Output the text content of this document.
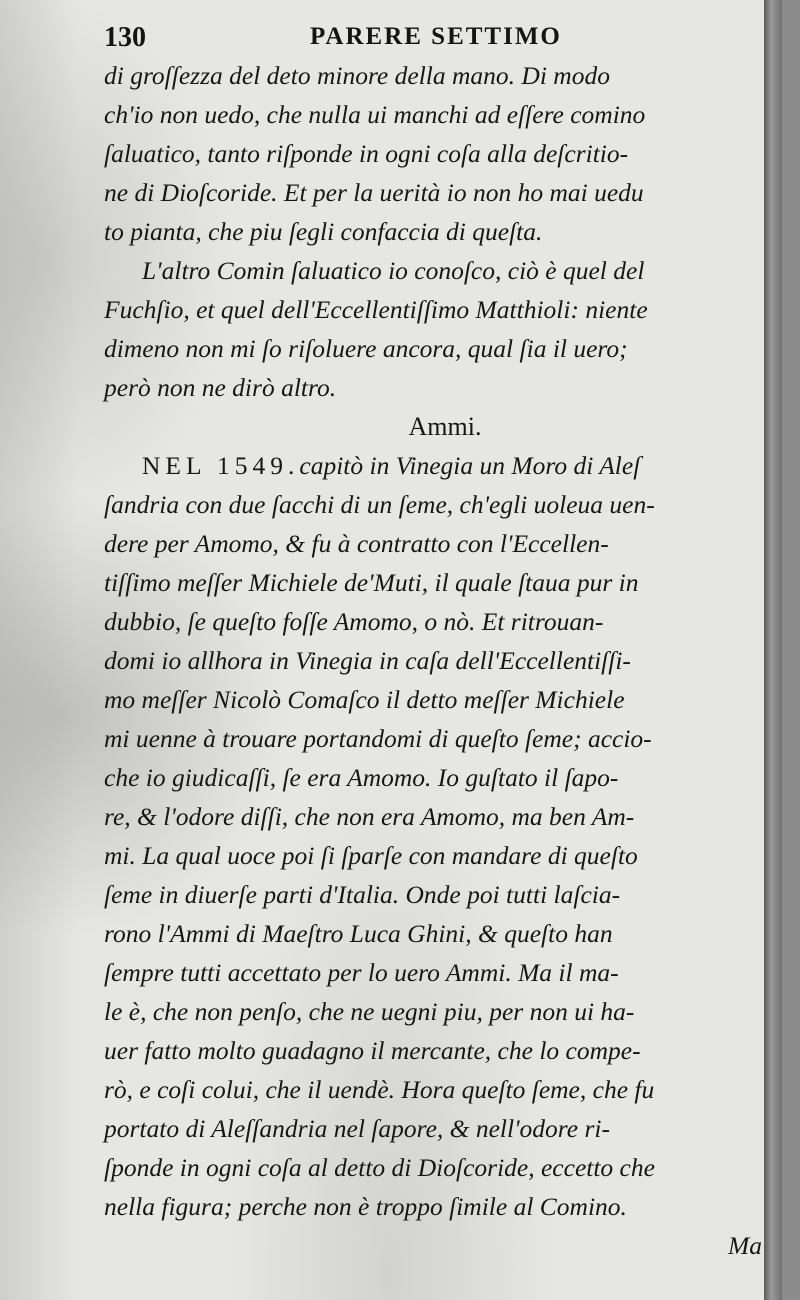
130	PARERE SETTIMO
di groſſezza del deto minore della mano. Di modo
ch'io non uedo, che nulla ui manchi ad eſſere comino
ſaluatico, tanto riſponde in ogni coſa alla deſcritio-
ne di Dioſcoride. Et per la uerità io non ho mai uedu
to pianta, che piu ſegli confaccia di queſta.
L'altro Comin ſaluatico io conoſco, ciò è quel del
Fuchſio, et quel dell'Eccellentiſſimo Matthioli: niente
dimeno non mi ſo riſoluere ancora, qual ſia il uero;
però non ne dirò altro.
Ammi.
NEL 1549.capitò in Vinegia un Moro di Aleſ
ſandria con due ſacchi di un ſeme, ch'egli uoleua uen-
dere per Amomo, & fu à contratto con l'Eccellen-
tiſſimo meſſer Michiele de'Muti, il quale ſtaua pur in
dubbio, ſe queſto foſſe Amomo, o nò. Et ritrouan-
domi io allhora in Vinegia in caſa dell'Eccellentiſſi-
mo meſſer Nicolò Comaſco il detto meſſer Michiele
mi uenne à trouare portandomi di queſto ſeme; accio-
che io giudicaſſi, ſe era Amomo. Io guſtato il ſapo-
re, & l'odore diſſi, che non era Amomo, ma ben Am-
mi. La qual uoce poi ſi ſparſe con mandare di queſto
ſeme in diuerſe parti d'Italia. Onde poi tutti laſcia-
rono l'Ammi di Maeſtro Luca Ghini, & queſto han
ſempre tutti accettato per lo uero Ammi. Ma il ma-
le è, che non penſo, che ne uegni piu, per non ui ha-
uer fatto molto guadagno il mercante, che lo compe-
rò, e coſi colui, che il uendè. Hora queſto ſeme, che fu
portato di Aleſſandria nel ſapore, & nell'odore ri-
ſponde in ogni coſa al detto di Dioſcoride, eccetto che
nella figura; perche non è troppo ſimile al Comino.
Ma
